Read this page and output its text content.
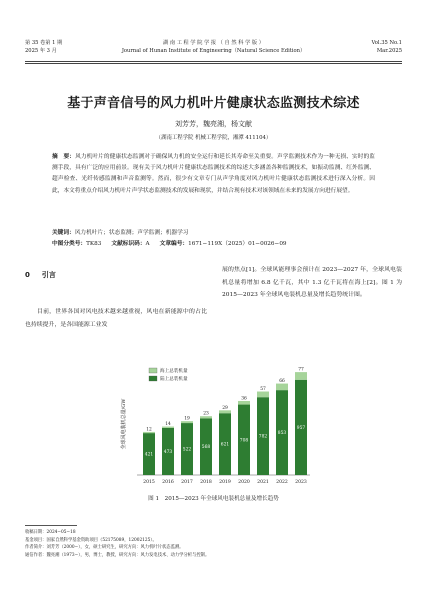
第 35 卷第 1 期
2025 年 3 月
湖 南 工 程 学 院 学 报 （ 自 然 科 学 版 ）
Journal of Hunan Institute of Engineering（Natural Science Edition）
Vol.35 No.1
Mar.2025
基于声音信号的风力机叶片健康状态监测技术综述
刘芳芳，魏亮湘，杨文献
（湖南工程学院 机械工程学院，湘潭 411104）
摘　要：风力机叶片的健康状态监测对于确保风力机的安全运行和延长其寿命至关重要。声学监测技术作为一种无损、实时的监测手段，具有广泛的应用前景。现有关于风力机叶片健康状态监测技术的综述大多涵盖各种监测技术，如振动监测、红外监测、超声检查、光纤传感监测和声音监测等。然而，很少有文章专门从声学角度对风力机叶片健康状态监测技术进行深入分析。因此，本文将重点介绍风力机叶片声学状态监测技术的发展和现状，并结合现有技术对该领域在未来的发展方向进行展望。
关键词：风力机叶片；状态监测；声学监测；机器学习
中图分类号：TK83 文献标识码：A 文章编号：1671−119X（2025）01−0026−09
0 引言
目前，世界各国对风电技术越来越重视，风电在新能源中的占比也持续提升，是各国能源工业发
展的焦点[1]。全球风能理事会预计在 2023—2027 年，全球风电装机总量将增加 6.8 亿千瓦，其中 1.3 亿千瓦将在海上[2]。图 1 为 2015—2023 年全球风电装机总量及增长趋势统计图。
全球风电装机总量/GW
海上总装机量
陆上总装机量
421
12
2015
473
14
2016
522
19
2017
568
23
2018
621
29
2019
708
36
2020
782
57
2021
853
66
2022
957
77
2023
图 1　2015—2023 年全球风电装机总量及增长趋势
收稿日期：2024−05−18
基金项目：国家自然科学基金资助项目（52175089，12002125）。
作者简介：刘芳芳（2000−），女，硕士研究生，研究方向：风力机叶片状态监测。
通信作者：魏亮湘（1973−），男，博士，教授，研究方向：风力发电技术、动力学分析与控制。
